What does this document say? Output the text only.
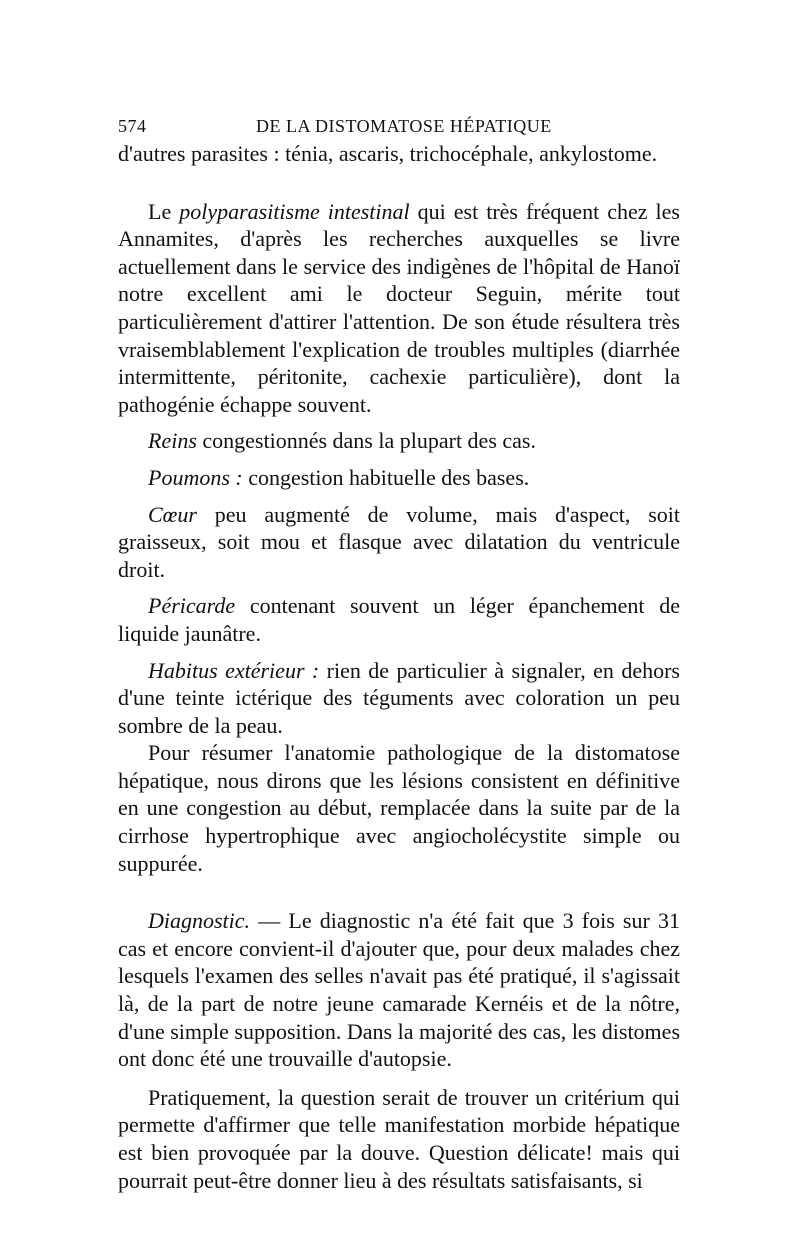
574	DE LA DISTOMATOSE HÉPATIQUE

d'autres parasites : ténia, ascaris, trichocéphale, ankylostome.

Le polyparasitisme intestinal qui est très fréquent chez les Annamites, d'après les recherches auxquelles se livre actuellement dans le service des indigènes de l'hôpital de Hanoï notre excellent ami le docteur Seguin, mérite tout particulièrement d'attirer l'attention. De son étude résultera très vraisemblablement l'explication de troubles multiples (diarrhée intermittente, péritonite, cachexie particulière), dont la pathogénie échappe souvent.

Reins congestionnés dans la plupart des cas.

Poumons : congestion habituelle des bases.

Cœur peu augmenté de volume, mais d'aspect, soit graisseux, soit mou et flasque avec dilatation du ventricule droit.

Péricarde contenant souvent un léger épanchement de liquide jaunâtre.

Habitus extérieur : rien de particulier à signaler, en dehors d'une teinte ictérique des téguments avec coloration un peu sombre de la peau.

Pour résumer l'anatomie pathologique de la distomatose hépatique, nous dirons que les lésions consistent en définitive en une congestion au début, remplacée dans la suite par de la cirrhose hypertrophique avec angiocholécystite simple ou suppurée.

Diagnostic. — Le diagnostic n'a été fait que 3 fois sur 31 cas et encore convient-il d'ajouter que, pour deux malades chez lesquels l'examen des selles n'avait pas été pratiqué, il s'agissait là, de la part de notre jeune camarade Kernéis et de la nôtre, d'une simple supposition. Dans la majorité des cas, les distomes ont donc été une trouvaille d'autopsie.

Pratiquement, la question serait de trouver un critérium qui permette d'affirmer que telle manifestation morbide hépatique est bien provoquée par la douve. Question délicate! mais qui pourrait peut-être donner lieu à des résultats satisfaisants, si
